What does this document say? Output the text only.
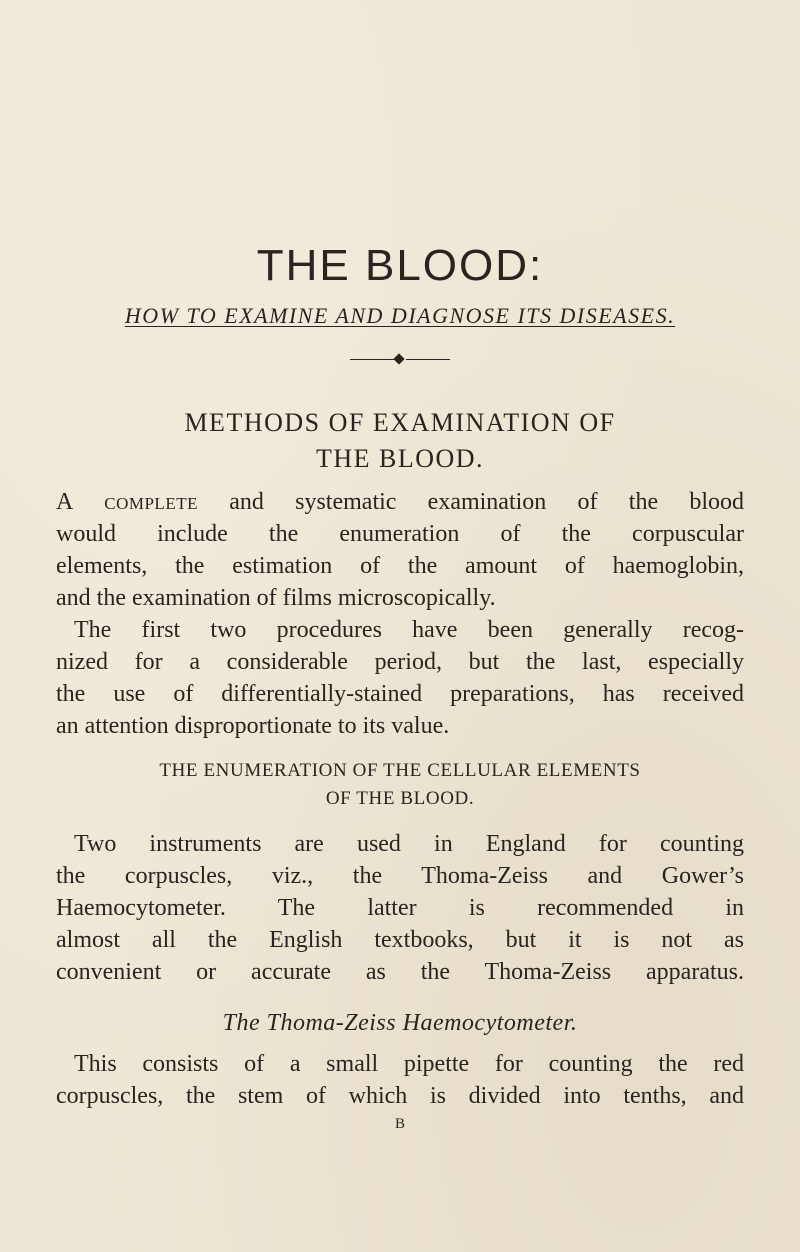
THE BLOOD:
HOW TO EXAMINE AND DIAGNOSE ITS DISEASES.
METHODS OF EXAMINATION OF
THE BLOOD.
A complete and systematic examination of the blood
would include the enumeration of the corpuscular
elements, the estimation of the amount of haemoglobin,
and the examination of films microscopically.
The first two procedures have been generally recog-
nized for a considerable period, but the last, especially
the use of differentially-stained preparations, has received
an attention disproportionate to its value.
THE ENUMERATION OF THE CELLULAR ELEMENTS
OF THE BLOOD.
Two instruments are used in England for counting
the corpuscles, viz., the Thoma-Zeiss and Gower’s
Haemocytometer. The latter is recommended in
almost all the English textbooks, but it is not as
convenient or accurate as the Thoma-Zeiss apparatus.
The Thoma-Zeiss Haemocytometer.
This consists of a small pipette for counting the red
corpuscles, the stem of which is divided into tenths, and
B
